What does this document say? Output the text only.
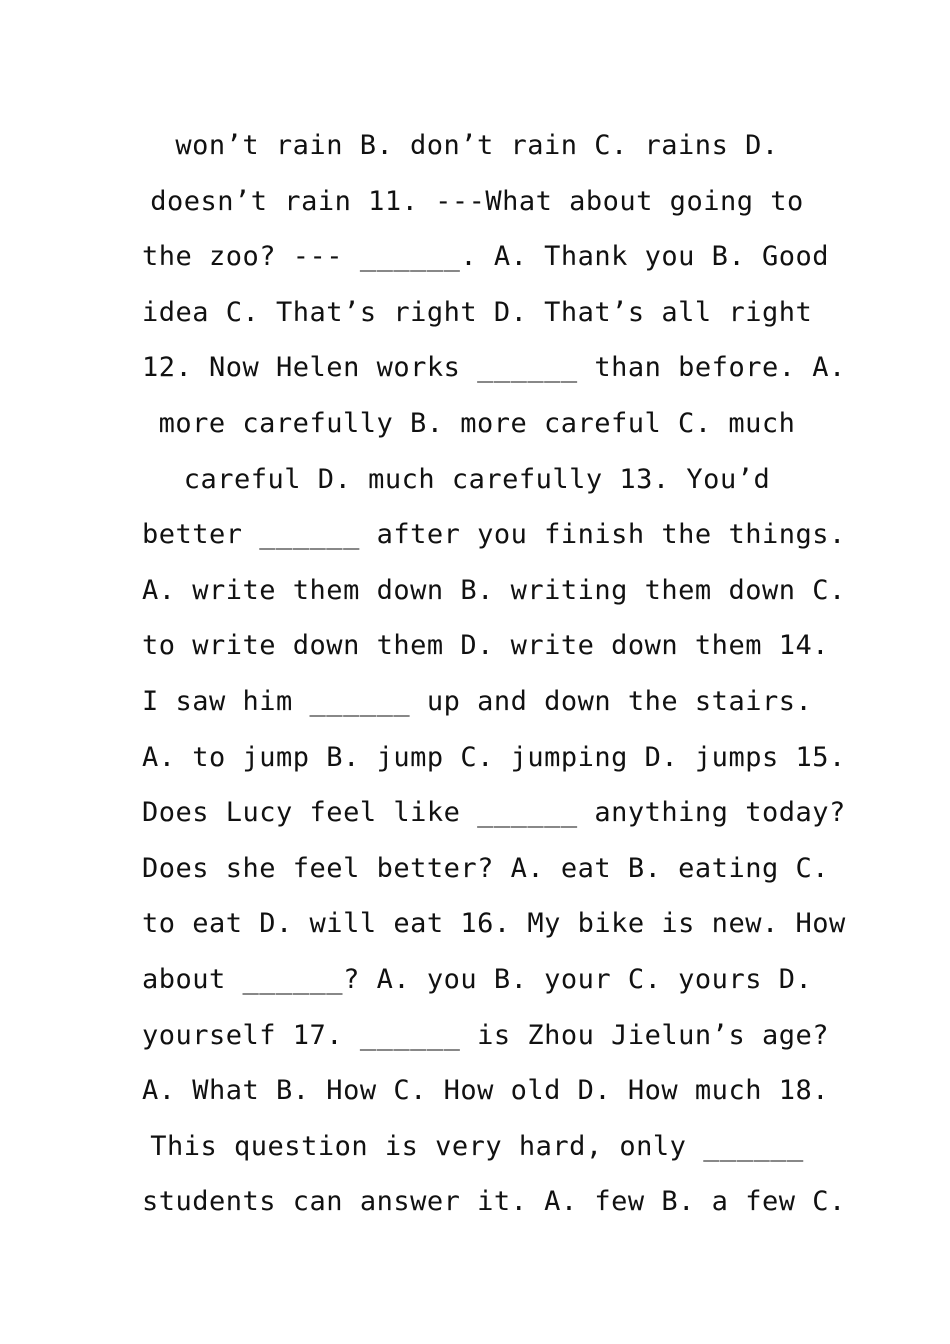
won’t rain B. don’t rain C. rains D.
doesn’t rain 11. ---What about going to
the zoo? --- ______. A. Thank you B. Good
idea C. That’s right D. That’s all right
12. Now Helen works ______ than before. A.
more carefully B. more careful C. much
careful D. much carefully 13. You’d
better ______ after you finish the things.
A. write them down B. writing them down C.
to write down them D. write down them 14.
I saw him ______ up and down the stairs.
A. to jump B. jump C. jumping D. jumps 15.
Does Lucy feel like ______ anything today?
Does she feel better? A. eat B. eating C.
to eat D. will eat 16. My bike is new. How
about ______? A. you B. your C. yours D.
yourself 17. ______ is Zhou Jielun’s age?
A. What B. How C. How old D. How much 18.
This question is very hard, only ______
students can answer it. A. few B. a few C.
